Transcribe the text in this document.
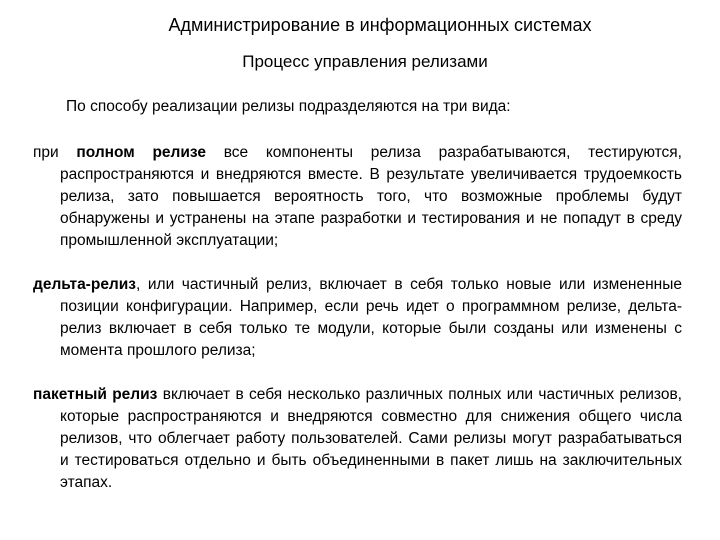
Администрирование в информационных системах
Процесс управления релизами
По способу реализации релизы подразделяются на три вида:

при полном релизе все компоненты релиза разрабатываются, тестируются, распространяются и внедряются вместе. В результате увеличивается трудоемкость релиза, зато повышается вероятность того, что возможные проблемы будут обнаружены и устранены на этапе разработки и тестирования и не попадут в среду промышленной эксплуатации;

дельта-релиз, или частичный релиз, включает в себя только новые или измененные позиции конфигурации. Например, если речь идет о программном релизе, дельта-релиз включает в себя только те модули, которые были созданы или изменены с момента прошлого релиза;

пакетный релиз включает в себя несколько различных полных или частичных релизов, которые распространяются и внедряются совместно для снижения общего числа релизов, что облегчает работу пользователей. Сами релизы могут разрабатываться и тестироваться отдельно и быть объединенными в пакет лишь на заключительных этапах.
